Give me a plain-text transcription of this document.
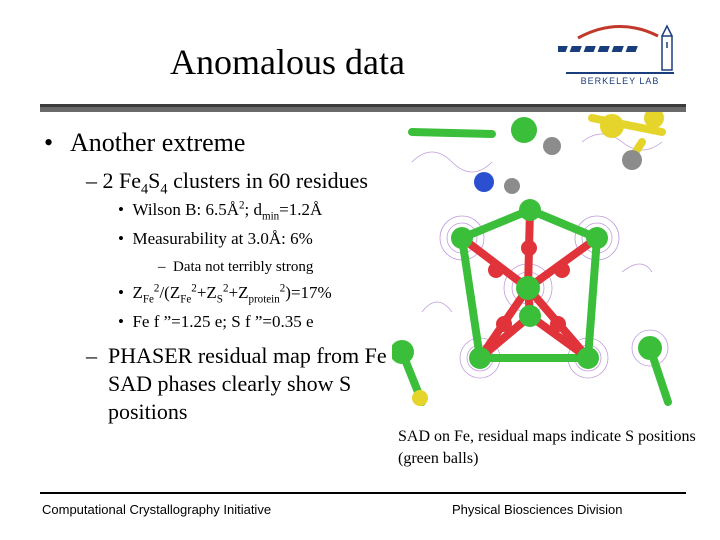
Anomalous data	BERKELEY LAB
• Another extreme
– 2 $Fe_4S_4$ clusters in 60 residues
•  Wilson B: $6.5Å^2$; $d_{min}=1.2Å$
•  Measurability at 3.0Å: 6%
–  Data not terribly strong
•  $Z_{Fe}^2/(Z_{Fe}^2+Z_S^2+Z_{protein}^2)=17\%$
•  Fe f ”=1.25 e; S f ”=0.35 e
– PHASER residual map from Fe SAD phases clearly show S positions
SAD on Fe, residual maps indicate S positions (green balls)
Computational Crystallography Initiative	Physical Biosciences Division
